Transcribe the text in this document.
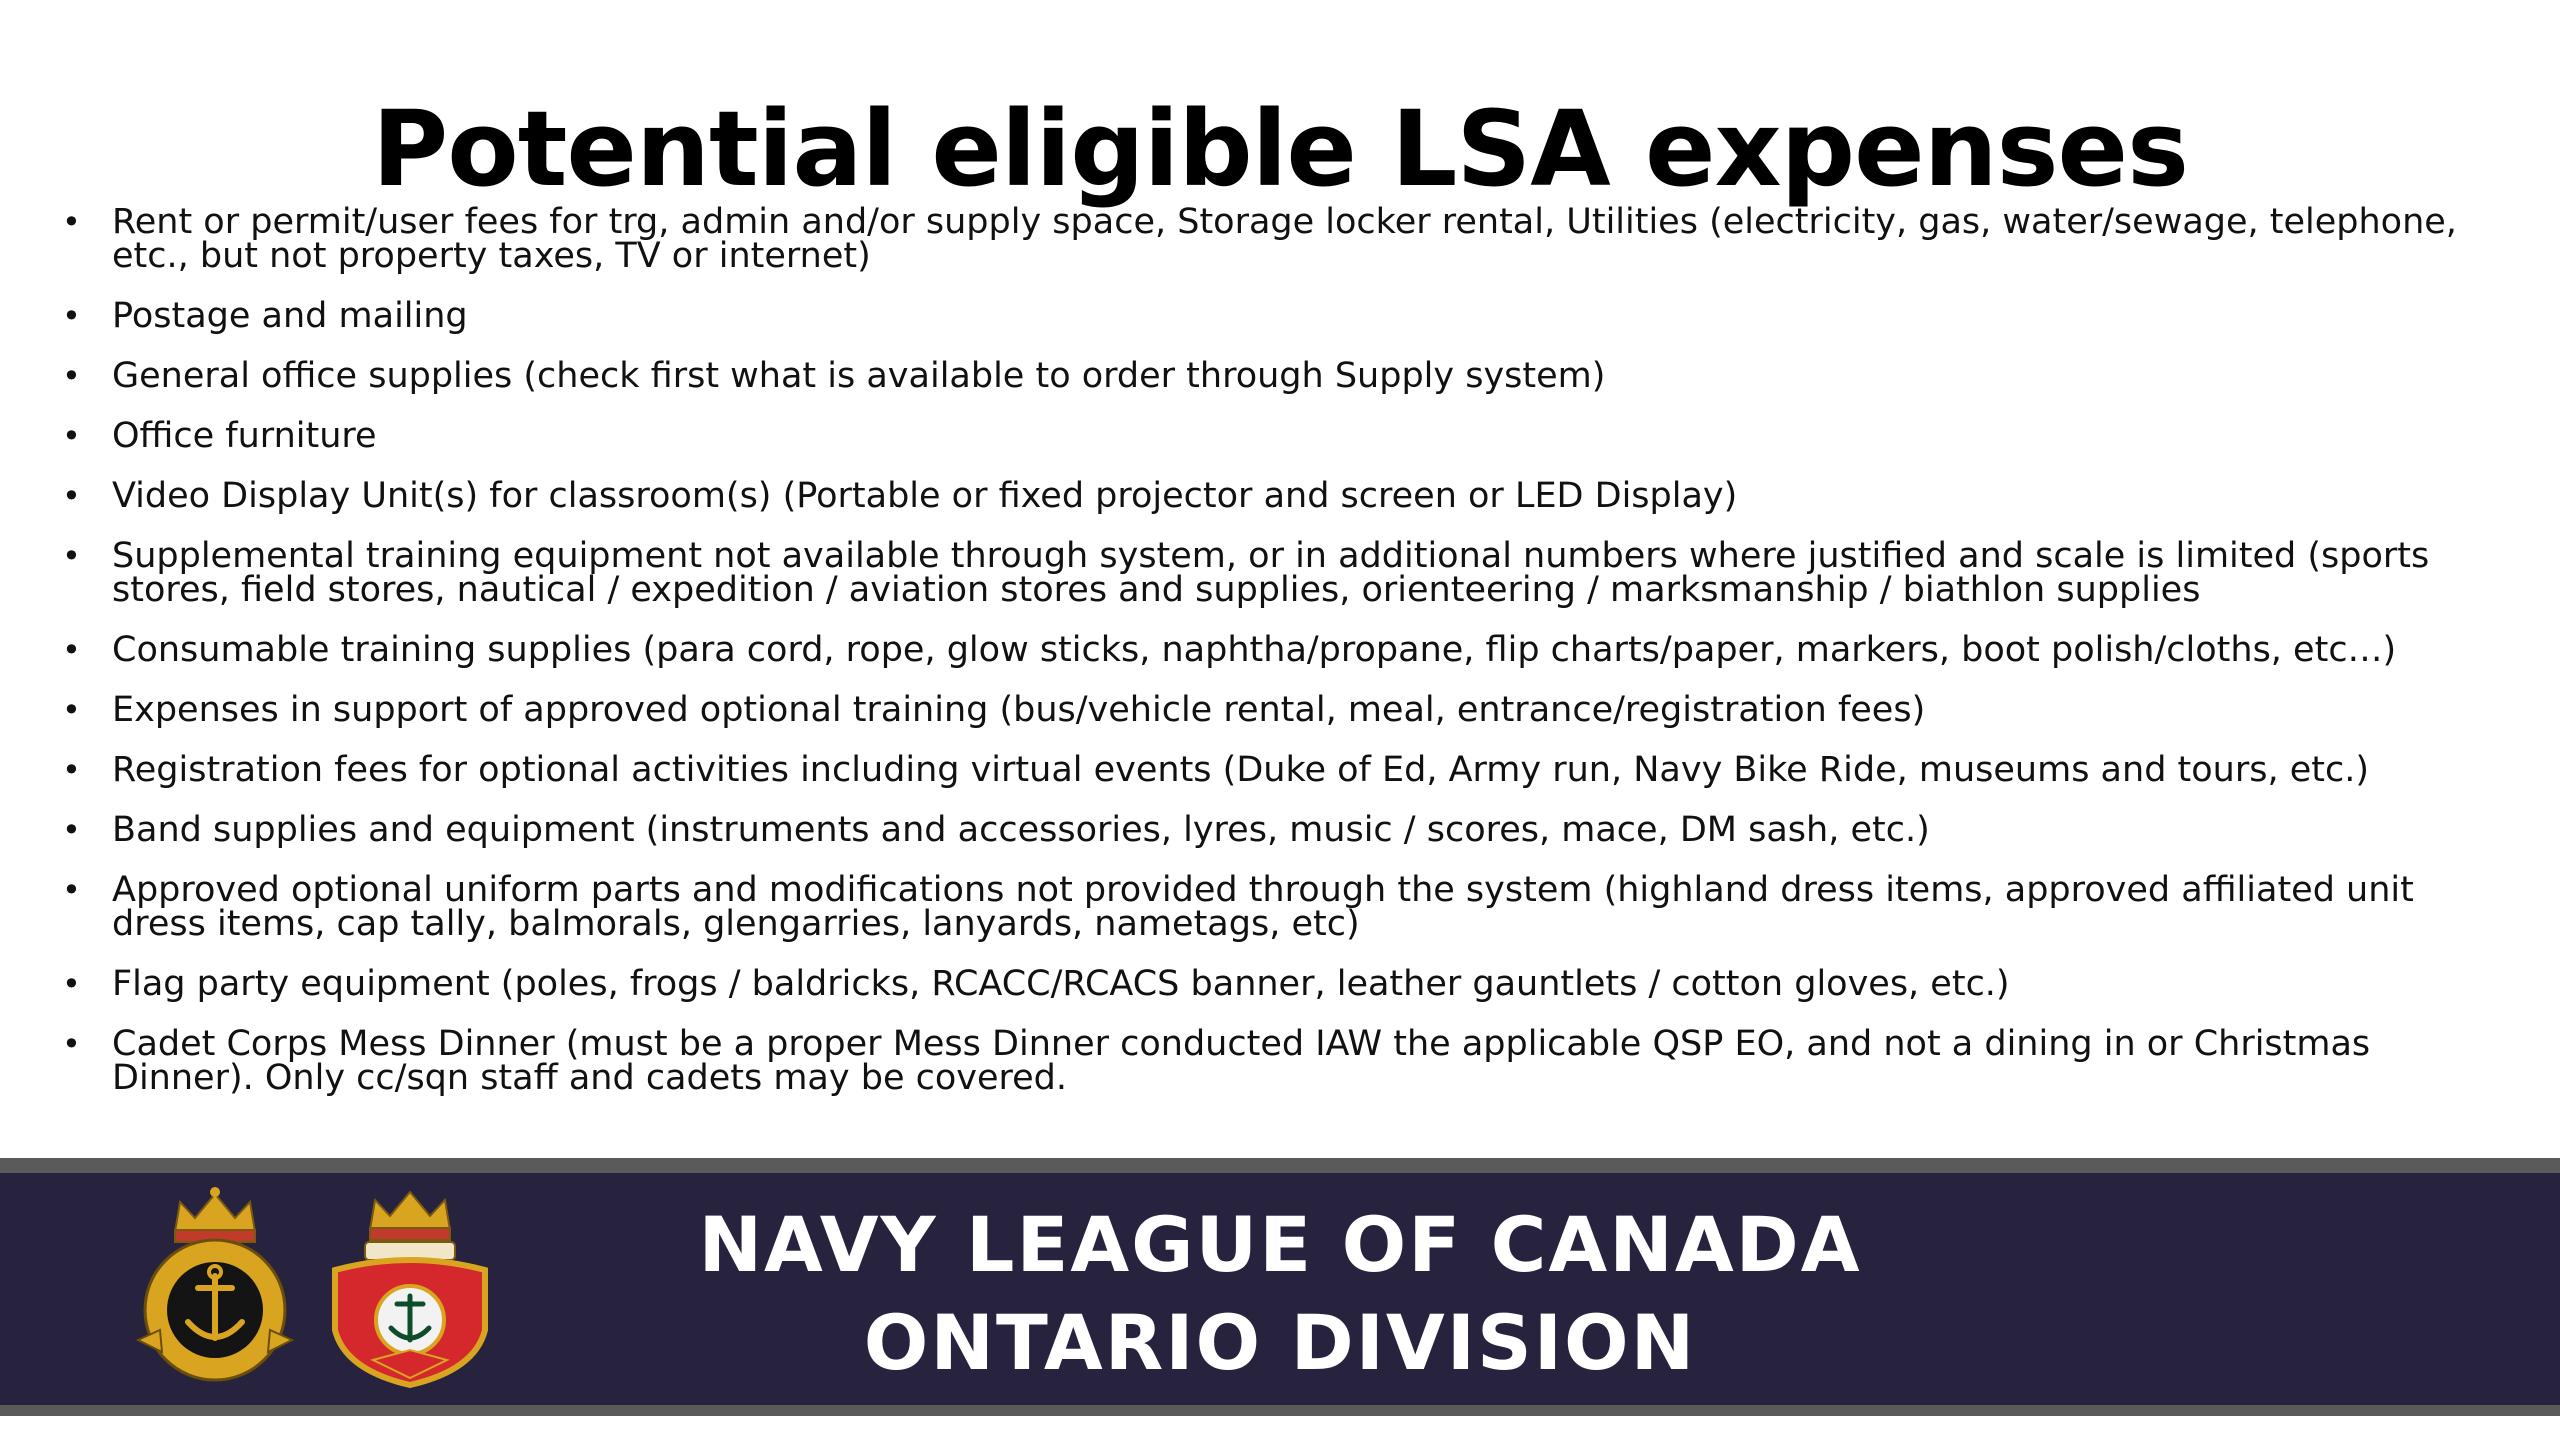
Potential eligible LSA expenses
• Rent or permit/user fees for trg, admin and/or supply space, Storage locker rental, Utilities (electricity, gas, water/sewage, telephone, etc., but not property taxes, TV or internet)
• Postage and mailing
• General office supplies (check first what is available to order through Supply system)
• Office furniture
• Video Display Unit(s) for classroom(s) (Portable or fixed projector and screen or LED Display)
• Supplemental training equipment not available through system, or in additional numbers where justified and scale is limited (sports stores, field stores, nautical / expedition / aviation stores and supplies, orienteering / marksmanship / biathlon supplies
• Consumable training supplies (para cord, rope, glow sticks, naphtha/propane, flip charts/paper, markers, boot polish/cloths, etc…)
• Expenses in support of approved optional training (bus/vehicle rental, meal, entrance/registration fees)
• Registration fees for optional activities including virtual events (Duke of Ed, Army run, Navy Bike Ride, museums and tours, etc.)
• Band supplies and equipment (instruments and accessories, lyres, music / scores, mace, DM sash, etc.)
• Approved optional uniform parts and modifications not provided through the system (highland dress items, approved affiliated unit dress items, cap tally, balmorals, glengarries, lanyards, nametags, etc)
• Flag party equipment (poles, frogs / baldricks, RCACC/RCACS banner, leather gauntlets / cotton gloves, etc.)
• Cadet Corps Mess Dinner (must be a proper Mess Dinner conducted IAW the applicable QSP EO, and not a dining in or Christmas Dinner). Only cc/sqn staff and cadets may be covered.
NAVY LEAGUE OF CANADA
ONTARIO DIVISION
